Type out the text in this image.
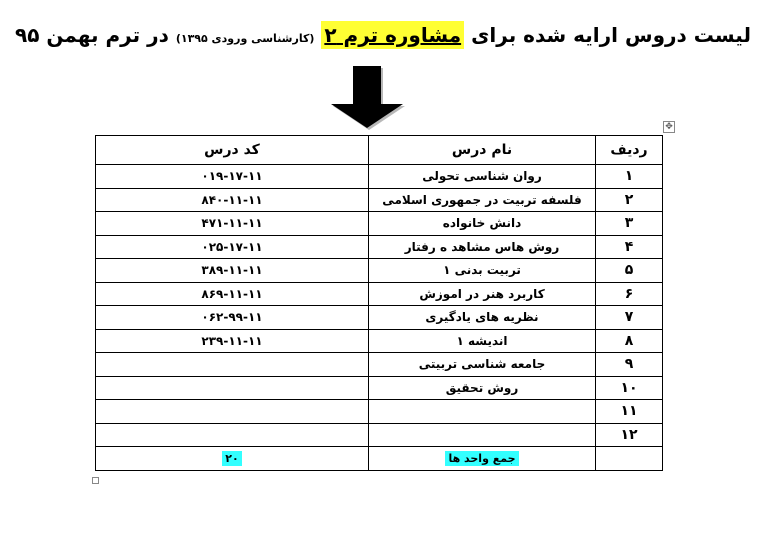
لیست دروس ارایه شده برای مشاوره ترم ۲ (کارشناسی ورودی ۱۳۹۵) در ترم بهمن ۹۵
✥
ردیف	نام درس	کد درس
۱	روان شناسی تحولی	۰۱۹-۱۷-۱۱
۲	فلسفه تربیت در جمهوری اسلامی	۸۴۰-۱۱-۱۱
۳	دانش خانواده	۴۷۱-۱۱-۱۱
۴	روش هاس مشاهد ه رفتار	۰۲۵-۱۷-۱۱
۵	تربیت بدنی ۱	۳۸۹-۱۱-۱۱
۶	کاربرد هنر در اموزش	۸۶۹-۱۱-۱۱
۷	نظریه های یادگیری	۰۶۲-۹۹-۱۱
۸	اندیشه ۱	۲۳۹-۱۱-۱۱
۹	جامعه شناسی تربیتی	
۱۰	روش تحقیق	
۱۱		
۱۲		
	جمع واحد ها	۲۰
